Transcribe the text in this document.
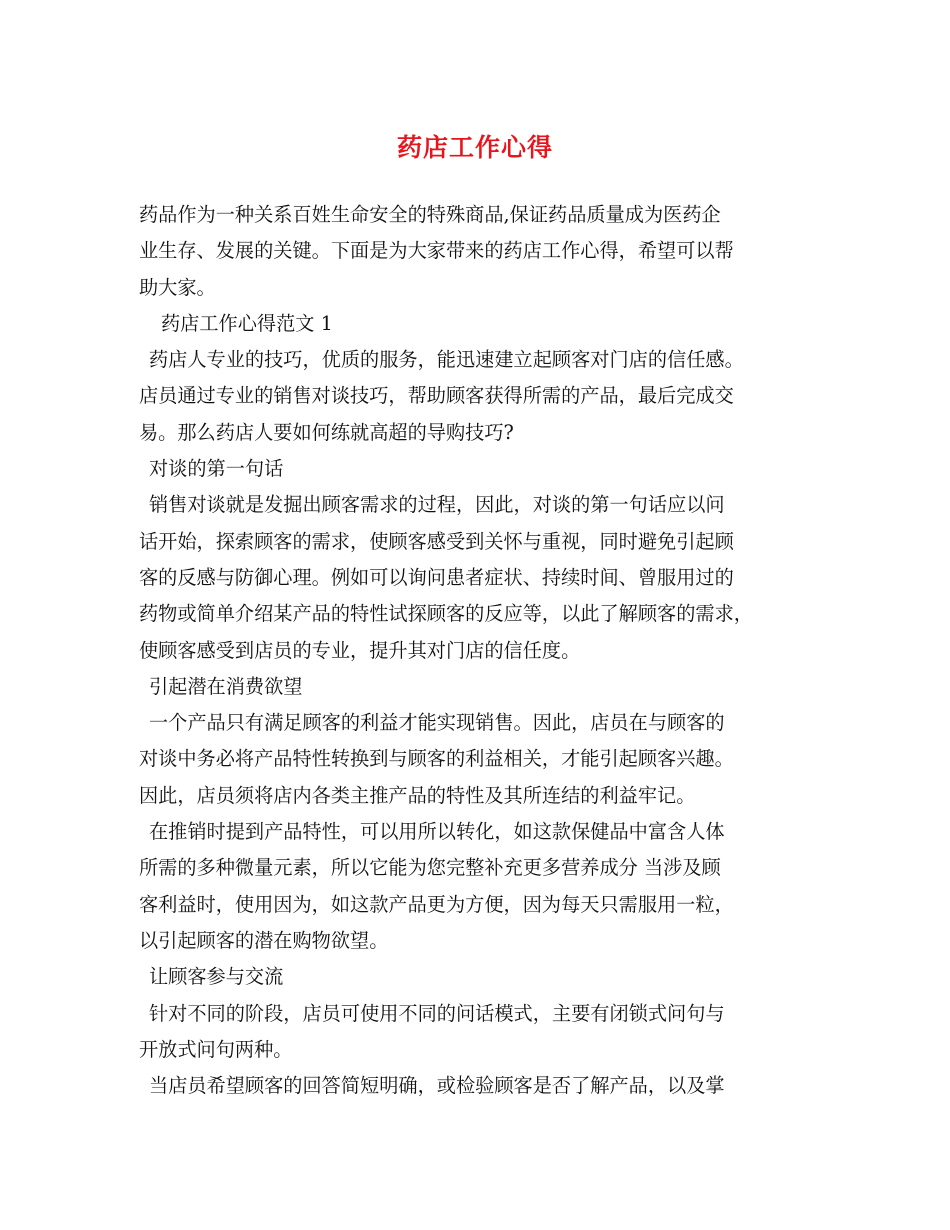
药店工作心得
药品作为一种关系百姓生命安全的特殊商品,保证药品质量成为医药企
业生存、发展的关键。下面是为大家带来的药店工作心得，希望可以帮
助大家。
药店工作心得范文 1
药店人专业的技巧，优质的服务，能迅速建立起顾客对门店的信任感。
店员通过专业的销售对谈技巧，帮助顾客获得所需的产品，最后完成交
易。那么药店人要如何练就高超的导购技巧?
对谈的第一句话
销售对谈就是发掘出顾客需求的过程，因此，对谈的第一句话应以问
话开始，探索顾客的需求，使顾客感受到关怀与重视，同时避免引起顾
客的反感与防御心理。例如可以询问患者症状、持续时间、曾服用过的
药物或简单介绍某产品的特性试探顾客的反应等，以此了解顾客的需求，
使顾客感受到店员的专业，提升其对门店的信任度。
引起潜在消费欲望
一个产品只有满足顾客的利益才能实现销售。因此，店员在与顾客的
对谈中务必将产品特性转换到与顾客的利益相关，才能引起顾客兴趣。
因此，店员须将店内各类主推产品的特性及其所连结的利益牢记。
在推销时提到产品特性，可以用所以转化，如这款保健品中富含人体
所需的多种微量元素，所以它能为您完整补充更多营养成分 当涉及顾
客利益时，使用因为，如这款产品更为方便，因为每天只需服用一粒，
以引起顾客的潜在购物欲望。
让顾客参与交流
针对不同的阶段，店员可使用不同的问话模式，主要有闭锁式问句与
开放式问句两种。
当店员希望顾客的回答简短明确，或检验顾客是否了解产品，以及掌
